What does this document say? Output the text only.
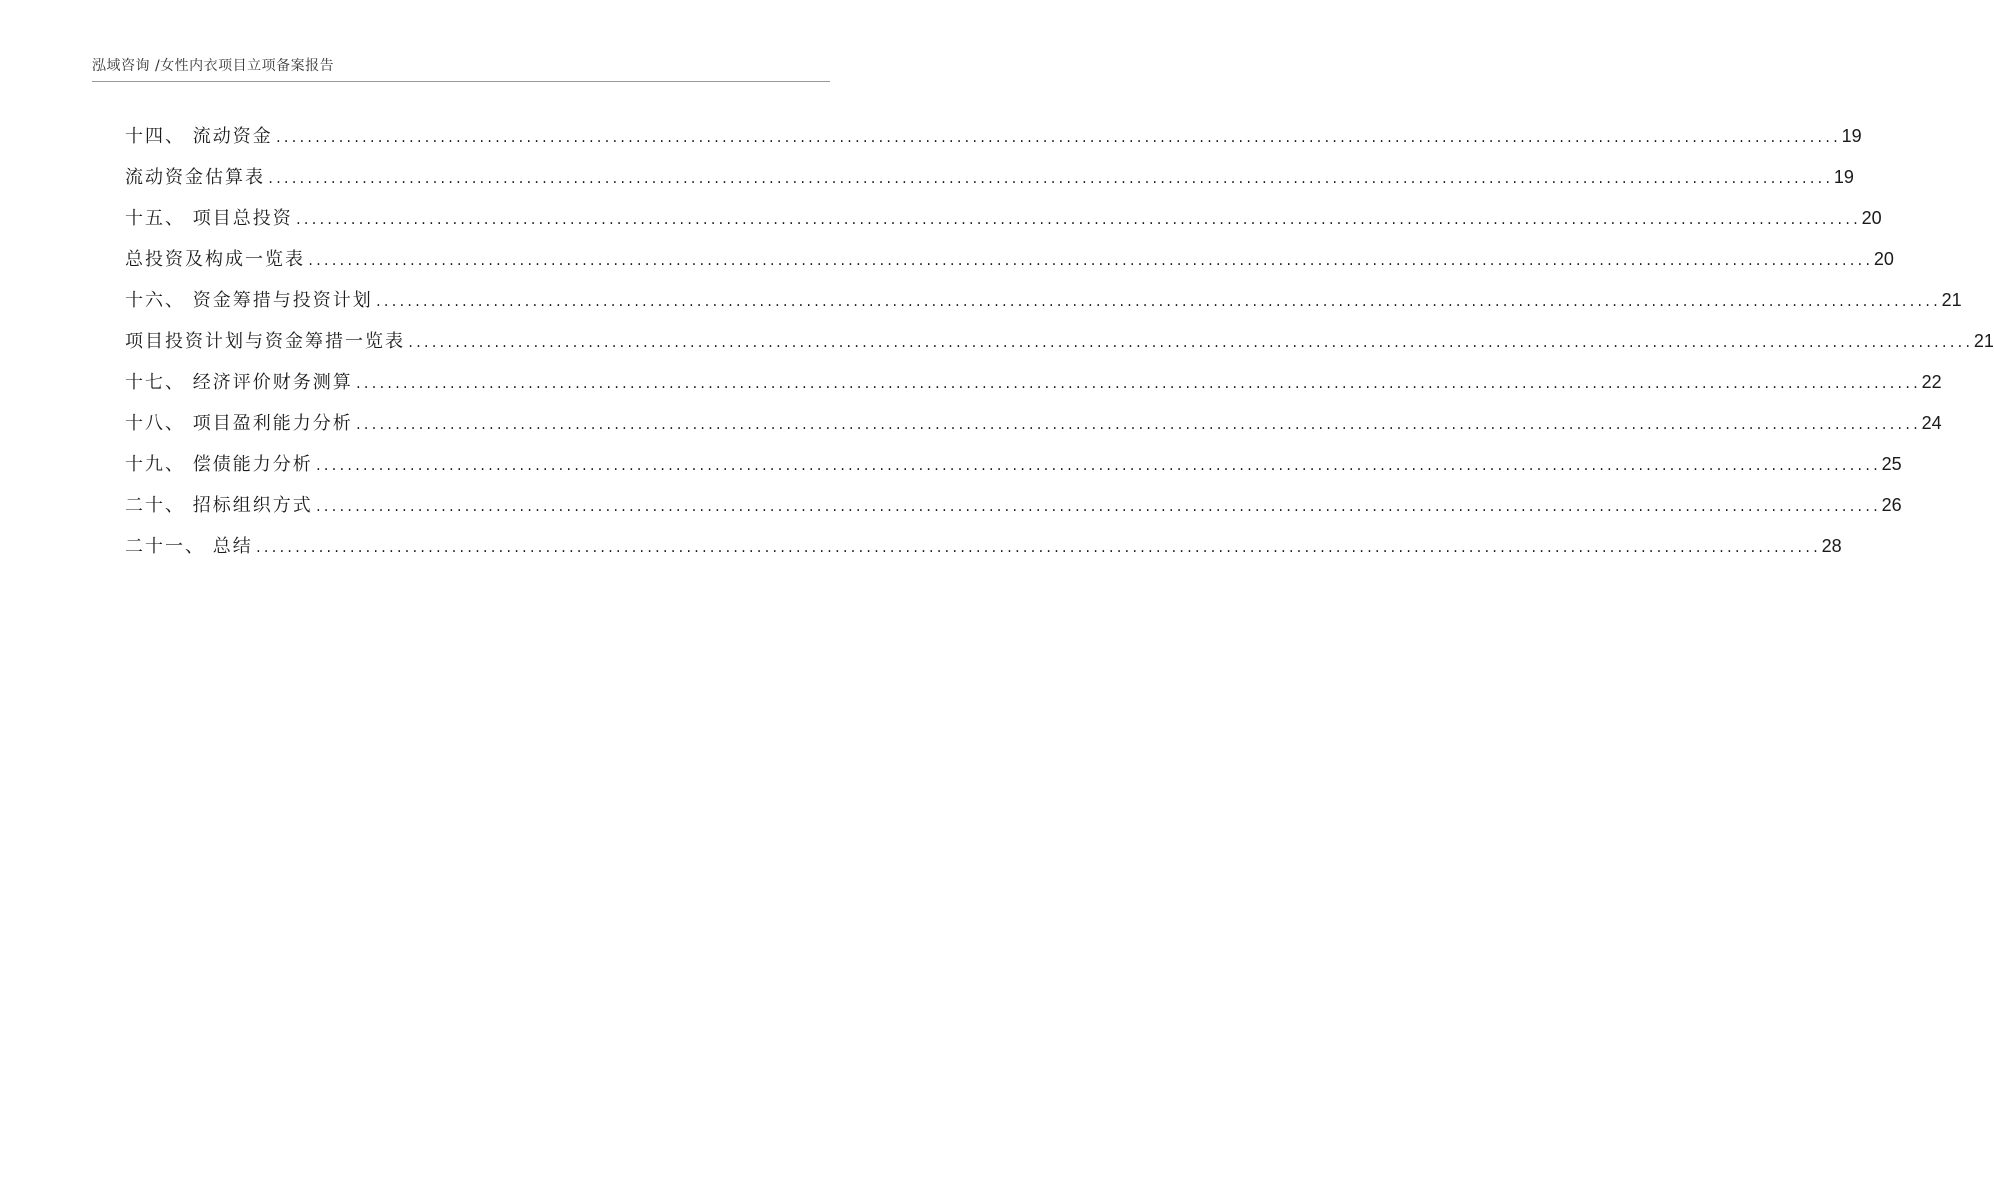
泓域咨询 /女性内衣项目立项备案报告
十四、 流动资金 ........................................................................................................................................................................................................ 19
流动资金估算表 ........................................................................................................................................................................................................ 19
十五、 项目总投资 ........................................................................................................................................................................................................ 20
总投资及构成一览表 ........................................................................................................................................................................................................ 20
十六、 资金筹措与投资计划 ........................................................................................................................................................................................................ 21
项目投资计划与资金筹措一览表 ........................................................................................................................................................................................................ 21
十七、 经济评价财务测算 ........................................................................................................................................................................................................ 22
十八、 项目盈利能力分析 ........................................................................................................................................................................................................ 24
十九、 偿债能力分析 ........................................................................................................................................................................................................ 25
二十、 招标组织方式 ........................................................................................................................................................................................................ 26
二十一、 总结 ........................................................................................................................................................................................................ 28
